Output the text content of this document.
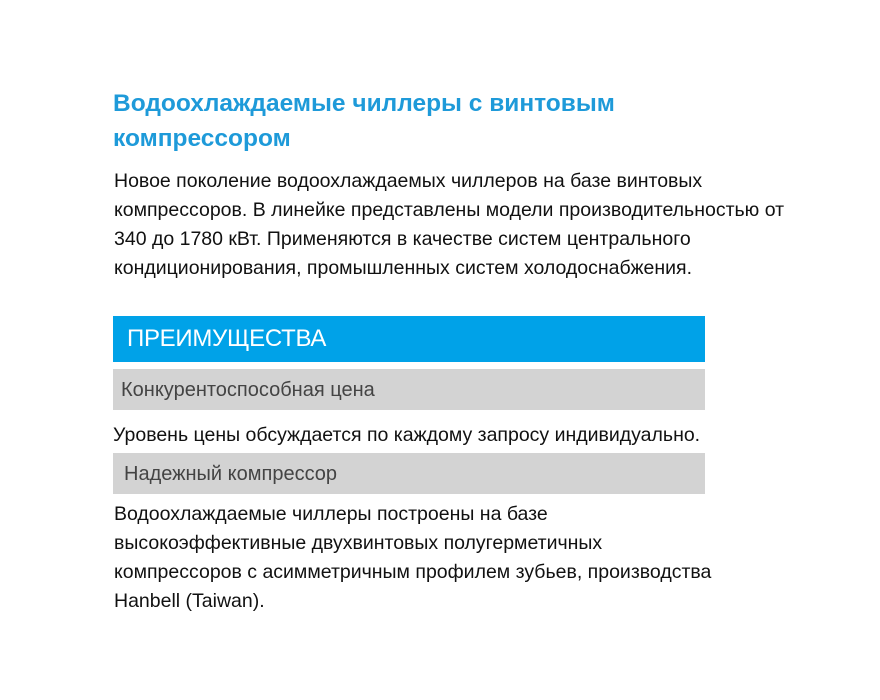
Водоохлаждаемые чиллеры с винтовым компрессором

Новое поколение водоохлаждаемых чиллеров на базе винтовых компрессоров. В линейке представлены модели производительностью от 340 до 1780 кВт. Применяются в качестве систем центрального кондиционирования, промышленных систем холодоснабжения.

ПРЕИМУЩЕСТВА
Конкурентоспособная цена

Уровень цены обсуждается по каждому запросу индивидуально.

Надежный компрессор

Водоохлаждаемые чиллеры построены на базе высокоэффективные двухвинтовых полугерметичных компрессоров с асимметричным профилем зубьев, производства Hanbell (Taiwan).
